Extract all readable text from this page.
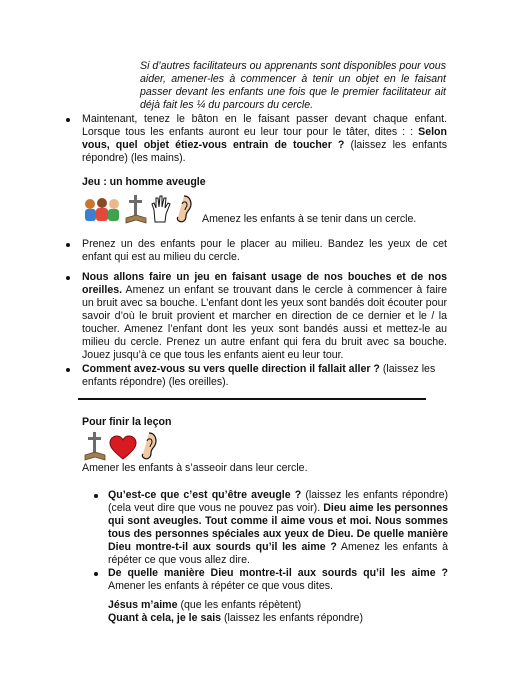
Si d’autres facilitateurs ou apprenants sont disponibles pour vous aider, amener-les à commencer à tenir un objet en le faisant passer devant les enfants une fois que le premier facilitateur ait déjà fait les ¼ du parcours du cercle.
Maintenant, tenez le bâton en le faisant passer devant chaque enfant. Lorsque tous les enfants auront eu leur tour pour le tâter, dites : : Selon vous, quel objet étiez-vous entrain de toucher ? (laissez les enfants répondre) (les mains).
Jeu : un homme aveugle

Amenez les enfants à se tenir dans un cercle.
Prenez un des enfants pour le placer au milieu. Bandez les yeux de cet enfant qui est au milieu du cercle.
Nous allons faire un jeu en faisant usage de nos bouches et de nos oreilles. Amenez un enfant se trouvant dans le cercle à commencer à faire un bruit avec sa bouche. L’enfant dont les yeux sont bandés doit écouter pour savoir d’où le bruit provient et marcher en direction de ce dernier et le / la toucher. Amenez l’enfant dont les yeux sont bandés aussi et mettez-le au milieu du cercle. Prenez un autre enfant qui fera du bruit avec sa bouche. Jouez jusqu’à ce que tous les enfants aient eu leur tour.
Comment avez-vous su vers quelle direction il fallait aller ? (laissez les enfants répondre) (les oreilles).
Pour finir la leçon

Amener les enfants à s’asseoir dans leur cercle.
Qu’est-ce que c’est qu’être aveugle ? (laissez les enfants répondre) (cela veut dire que vous ne pouvez pas voir). Dieu aime les personnes qui sont aveugles. Tout comme il aime vous et moi. Nous sommes tous des personnes spéciales aux yeux de Dieu. De quelle manière Dieu montre-t-il aux sourds qu’il les aime ? Amenez les enfants à répéter ce que vous allez dire.
De quelle manière Dieu montre-t-il aux sourds qu’il les aime ? Amener les enfants à répéter ce que vous dites.
Jésus m’aime (que les enfants répètent)
Quant à cela, je le sais (laissez les enfants répondre)
